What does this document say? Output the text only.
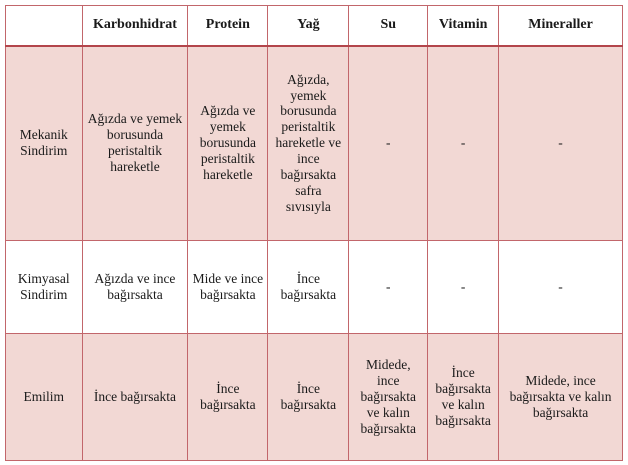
	Karbonhidrat	Protein	Yağ	Su	Vitamin	Mineraller
Mekanik Sindirim	Ağızda ve yemek borusunda peristaltik hareketle	Ağızda ve yemek borusunda peristaltik hareketle	Ağızda, yemek borusunda peristaltik hareketle ve ince bağırsakta safra sıvısıyla	-	-	-
Kimyasal Sindirim	Ağızda ve ince bağırsakta	Mide ve ince bağırsakta	İnce bağırsakta	-	-	-
Emilim	İnce bağırsakta	İnce bağırsakta	İnce bağırsakta	Midede, ince bağırsakta ve kalın bağırsakta	İnce bağırsakta ve kalın bağırsakta	Midede, ince bağırsakta ve kalın bağırsakta
